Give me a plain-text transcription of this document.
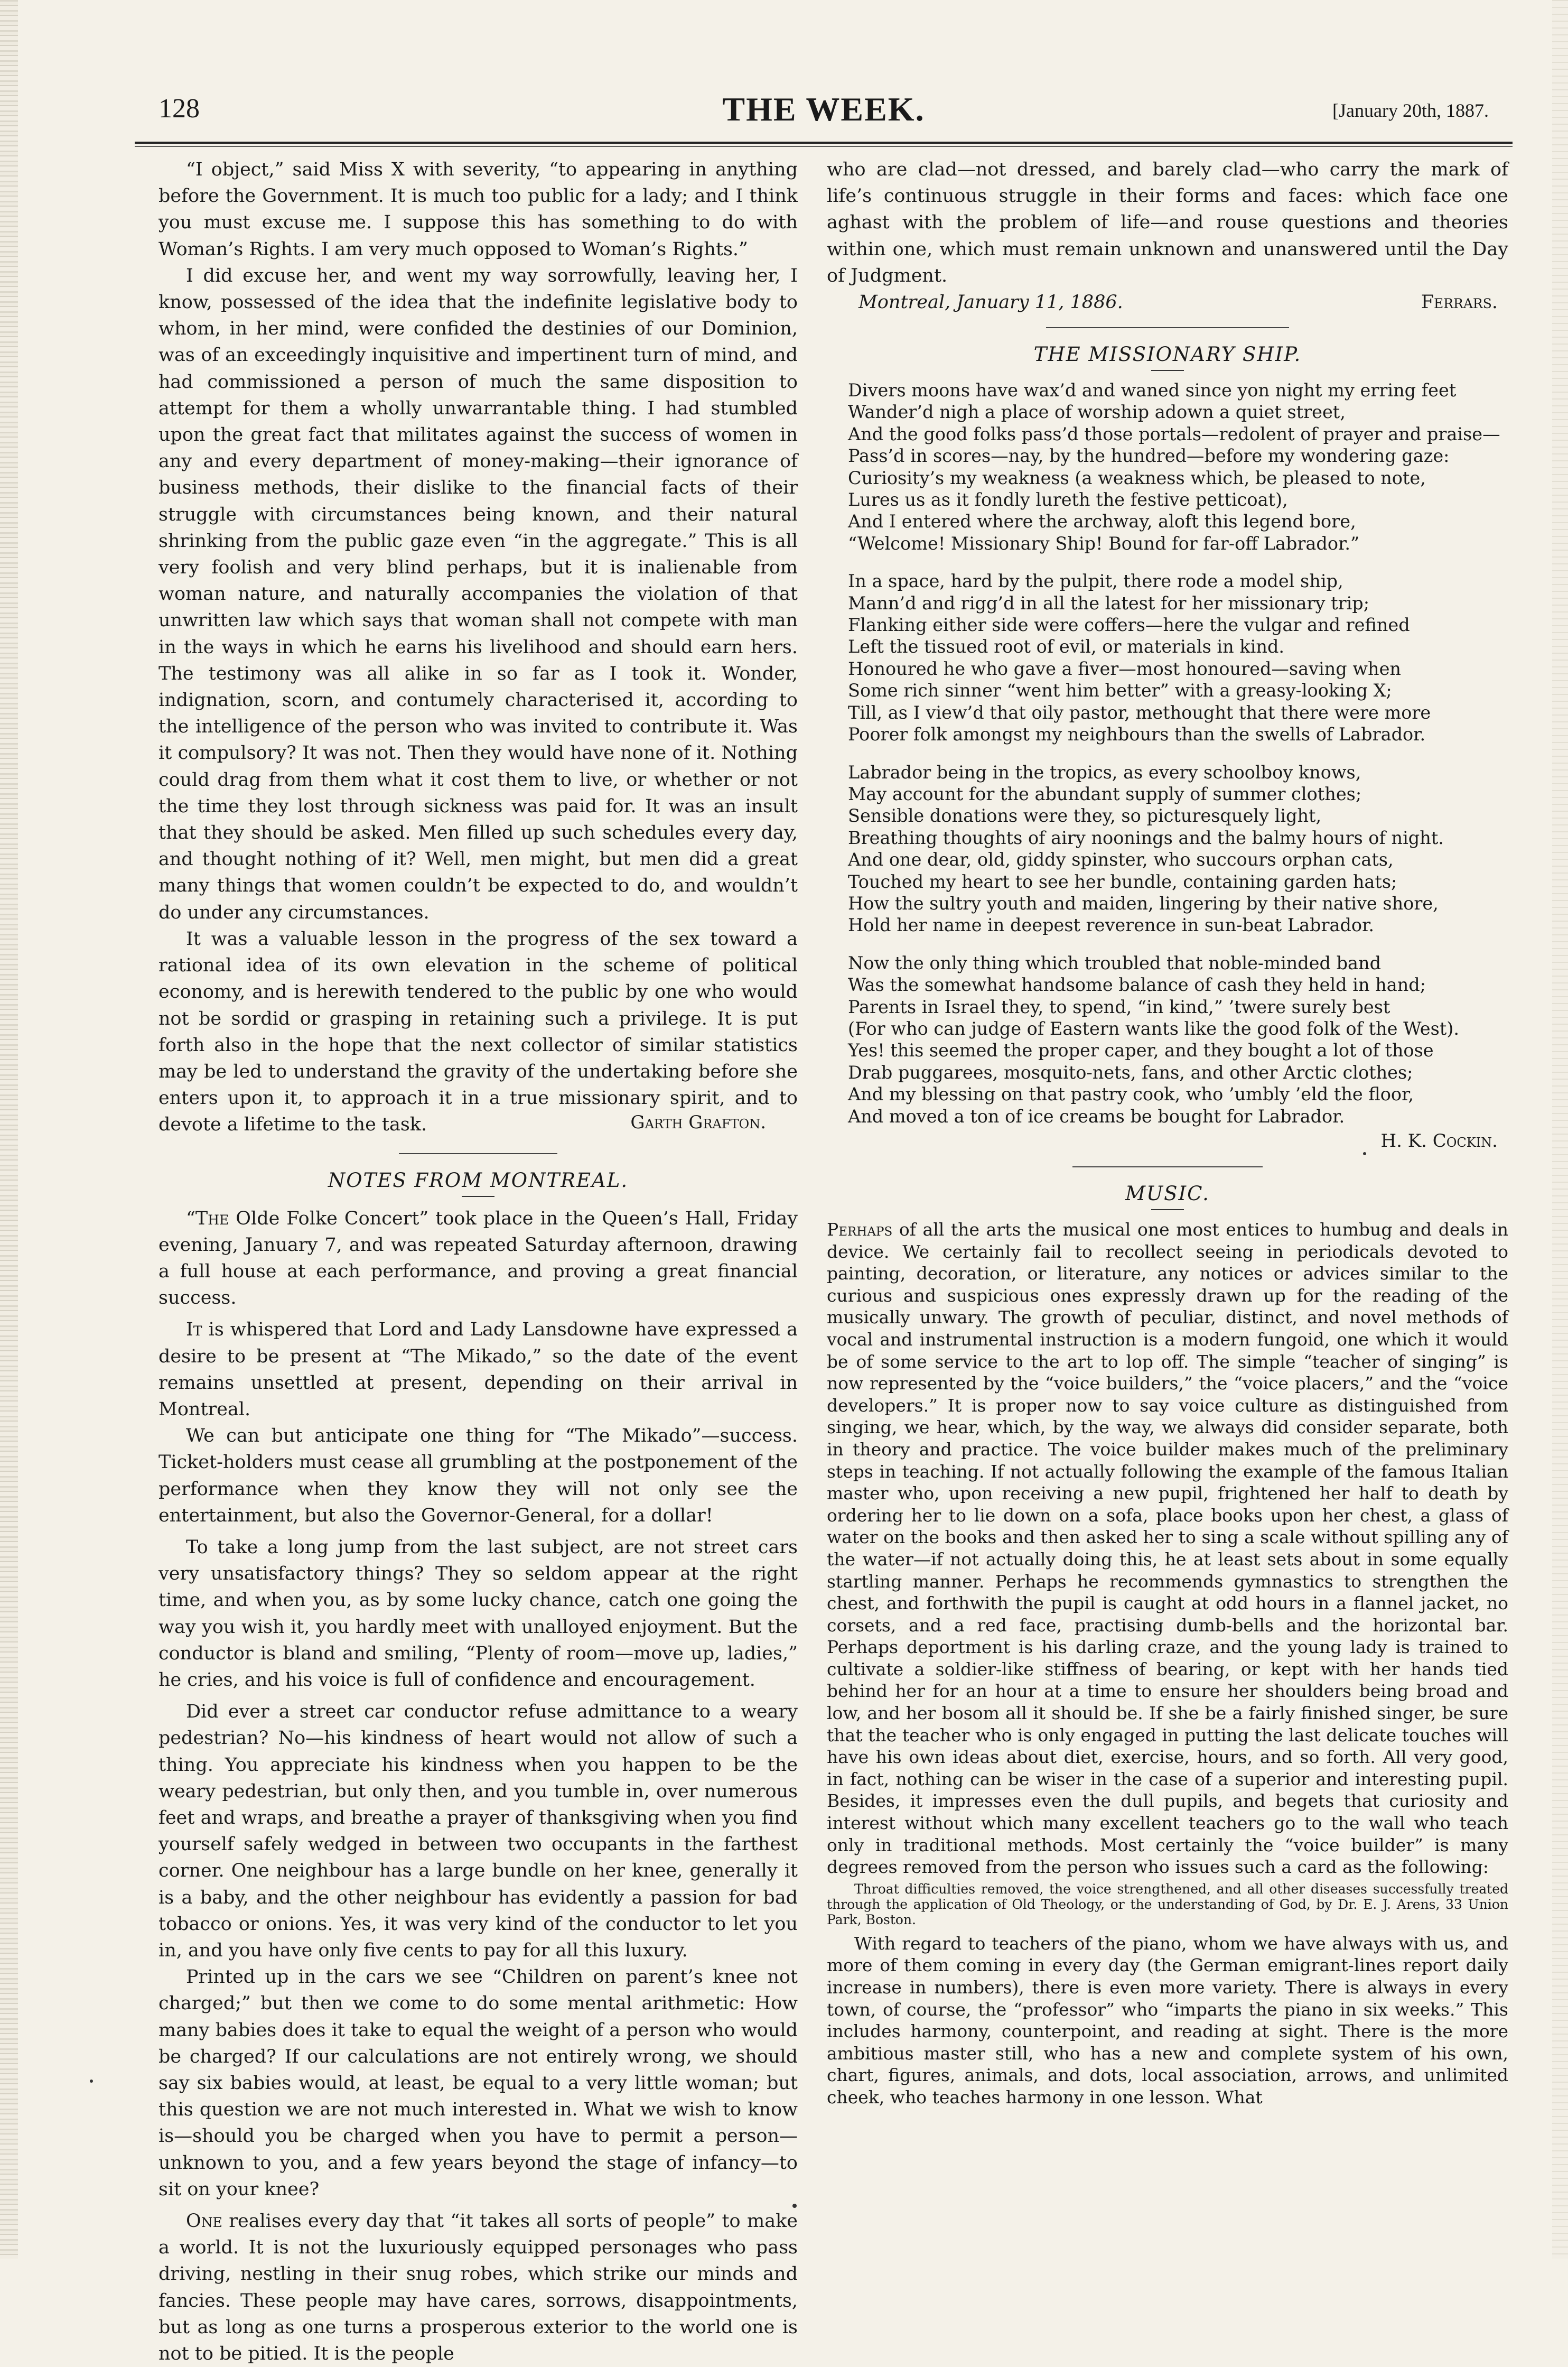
128	THE WEEK.	[January 20th, 1887.

“I object,” said Miss X with severity, “to appearing in anything before the Government. It is much too public for a lady; and I think you must excuse me. I suppose this has something to do with Woman’s Rights. I am very much opposed to Woman’s Rights.”

I did excuse her, and went my way sorrowfully, leaving her, I know, possessed of the idea that the indefinite legislative body to whom, in her mind, were confided the destinies of our Dominion, was of an exceedingly inquisitive and impertinent turn of mind, and had commissioned a person of much the same disposition to attempt for them a wholly unwarrantable thing. I had stumbled upon the great fact that militates against the success of women in any and every department of money-making—their ignorance of business methods, their dislike to the financial facts of their struggle with circumstances being known, and their natural shrinking from the public gaze even “in the aggregate.” This is all very foolish and very blind perhaps, but it is inalienable from woman nature, and naturally accompanies the violation of that unwritten law which says that woman shall not compete with man in the ways in which he earns his livelihood and should earn hers. The testimony was all alike in so far as I took it. Wonder, indignation, scorn, and contumely characterised it, according to the intelligence of the person who was invited to contribute it. Was it compulsory? It was not. Then they would have none of it. Nothing could drag from them what it cost them to live, or whether or not the time they lost through sickness was paid for. It was an insult that they should be asked. Men filled up such schedules every day, and thought nothing of it? Well, men might, but men did a great many things that women couldn’t be expected to do, and wouldn’t do under any circumstances.

It was a valuable lesson in the progress of the sex toward a rational idea of its own elevation in the scheme of political economy, and is herewith tendered to the public by one who would not be sordid or grasping in retaining such a privilege. It is put forth also in the hope that the next collector of similar statistics may be led to understand the gravity of the undertaking before she enters upon it, to approach it in a true missionary spirit, and to devote a lifetime to the task.	Garth Grafton.
NOTES FROM MONTREAL.

“The Olde Folke Concert” took place in the Queen’s Hall, Friday evening, January 7, and was repeated Saturday afternoon, drawing a full house at each performance, and proving a great financial success.

It is whispered that Lord and Lady Lansdowne have expressed a desire to be present at “The Mikado,” so the date of the event remains unsettled at present, depending on their arrival in Montreal.

We can but anticipate one thing for “The Mikado”—success. Ticket-holders must cease all grumbling at the postponement of the performance when they know they will not only see the entertainment, but also the Governor-General, for a dollar!

To take a long jump from the last subject, are not street cars very unsatisfactory things? They so seldom appear at the right time, and when you, as by some lucky chance, catch one going the way you wish it, you hardly meet with unalloyed enjoyment. But the conductor is bland and smiling, “Plenty of room—move up, ladies,” he cries, and his voice is full of confidence and encouragement.

Did ever a street car conductor refuse admittance to a weary pedestrian? No—his kindness of heart would not allow of such a thing. You appreciate his kindness when you happen to be the weary pedestrian, but only then, and you tumble in, over numerous feet and wraps, and breathe a prayer of thanksgiving when you find yourself safely wedged in between two occupants in the farthest corner. One neighbour has a large bundle on her knee, generally it is a baby, and the other neighbour has evidently a passion for bad tobacco or onions. Yes, it was very kind of the conductor to let you in, and you have only five cents to pay for all this luxury.

Printed up in the cars we see “Children on parent’s knee not charged;” but then we come to do some mental arithmetic: How many babies does it take to equal the weight of a person who would be charged? If our calculations are not entirely wrong, we should say six babies would, at least, be equal to a very little woman; but this question we are not much interested in. What we wish to know is—should you be charged when you have to permit a person—unknown to you, and a few years beyond the stage of infancy—to sit on your knee?

One realises every day that “it takes all sorts of people” to make a world. It is not the luxuriously equipped personages who pass driving, nestling in their snug robes, which strike our minds and fancies. These people may have cares, sorrows, disappointments, but as long as one turns a prosperous exterior to the world one is not to be pitied. It is the people

who are clad—not dressed, and barely clad—who carry the mark of life’s continuous struggle in their forms and faces: which face one aghast with the problem of life—and rouse questions and theories within one, which must remain unknown and unanswered until the Day of Judgment.

Montreal, January 11, 1886.	Ferrars.
THE MISSIONARY SHIP.
Divers moons have wax’d and waned since yon night my erring feet
Wander’d nigh a place of worship adown a quiet street,
And the good folks pass’d those portals—redolent of prayer and praise—
Pass’d in scores—nay, by the hundred—before my wondering gaze:
Curiosity’s my weakness (a weakness which, be pleased to note,
Lures us as it fondly lureth the festive petticoat),
And I entered where the archway, aloft this legend bore,
“Welcome! Missionary Ship! Bound for far-off Labrador.”
In a space, hard by the pulpit, there rode a model ship,
Mann’d and rigg’d in all the latest for her missionary trip;
Flanking either side were coffers—here the vulgar and refined
Left the tissued root of evil, or materials in kind.
Honoured he who gave a fiver—most honoured—saving when
Some rich sinner “went him better” with a greasy-looking X;
Till, as I view’d that oily pastor, methought that there were more
Poorer folk amongst my neighbours than the swells of Labrador.
Labrador being in the tropics, as every schoolboy knows,
May account for the abundant supply of summer clothes;
Sensible donations were they, so picturesquely light,
Breathing thoughts of airy noonings and the balmy hours of night.
And one dear, old, giddy spinster, who succours orphan cats,
Touched my heart to see her bundle, containing garden hats;
How the sultry youth and maiden, lingering by their native shore,
Hold her name in deepest reverence in sun-beat Labrador.
Now the only thing which troubled that noble-minded band
Was the somewhat handsome balance of cash they held in hand;
Parents in Israel they, to spend, “in kind,” ’twere surely best
(For who can judge of Eastern wants like the good folk of the West).
Yes! this seemed the proper caper, and they bought a lot of those
Drab puggarees, mosquito-nets, fans, and other Arctic clothes;
And my blessing on that pastry cook, who ’umbly ’eld the floor,
And moved a ton of ice creams be bought for Labrador.
H. K. Cockin.
MUSIC.

Perhaps of all the arts the musical one most entices to humbug and deals in device. We certainly fail to recollect seeing in periodicals devoted to painting, decoration, or literature, any notices or advices similar to the curious and suspicious ones expressly drawn up for the reading of the musically unwary. The growth of peculiar, distinct, and novel methods of vocal and instrumental instruction is a modern fungoid, one which it would be of some service to the art to lop off. The simple “teacher of singing” is now represented by the “voice builders,” the “voice placers,” and the “voice developers.” It is proper now to say voice culture as distinguished from singing, we hear, which, by the way, we always did consider separate, both in theory and practice. The voice builder makes much of the preliminary steps in teaching. If not actually following the example of the famous Italian master who, upon receiving a new pupil, frightened her half to death by ordering her to lie down on a sofa, place books upon her chest, a glass of water on the books and then asked her to sing a scale without spilling any of the water—if not actually doing this, he at least sets about in some equally startling manner. Perhaps he recommends gymnastics to strengthen the chest, and forthwith the pupil is caught at odd hours in a flannel jacket, no corsets, and a red face, practising dumb-bells and the horizontal bar. Perhaps deportment is his darling craze, and the young lady is trained to cultivate a soldier-like stiffness of bearing, or kept with her hands tied behind her for an hour at a time to ensure her shoulders being broad and low, and her bosom all it should be. If she be a fairly finished singer, be sure that the teacher who is only engaged in putting the last delicate touches will have his own ideas about diet, exercise, hours, and so forth. All very good, in fact, nothing can be wiser in the case of a superior and interesting pupil. Besides, it impresses even the dull pupils, and begets that curiosity and interest without which many excellent teachers go to the wall who teach only in traditional methods. Most certainly the “voice builder” is many degrees removed from the person who issues such a card as the following:

Throat difficulties removed, the voice strengthened, and all other diseases successfully treated through the application of Old Theology, or the understanding of God, by Dr. E. J. Arens, 33 Union Park, Boston.

With regard to teachers of the piano, whom we have always with us, and more of them coming in every day (the German emigrant-lines report daily increase in numbers), there is even more variety. There is always in every town, of course, the “professor” who “imparts the piano in six weeks.” This includes harmony, counterpoint, and reading at sight. There is the more ambitious master still, who has a new and complete system of his own, chart, figures, animals, and dots, local association, arrows, and unlimited cheek, who teaches harmony in one lesson. What
